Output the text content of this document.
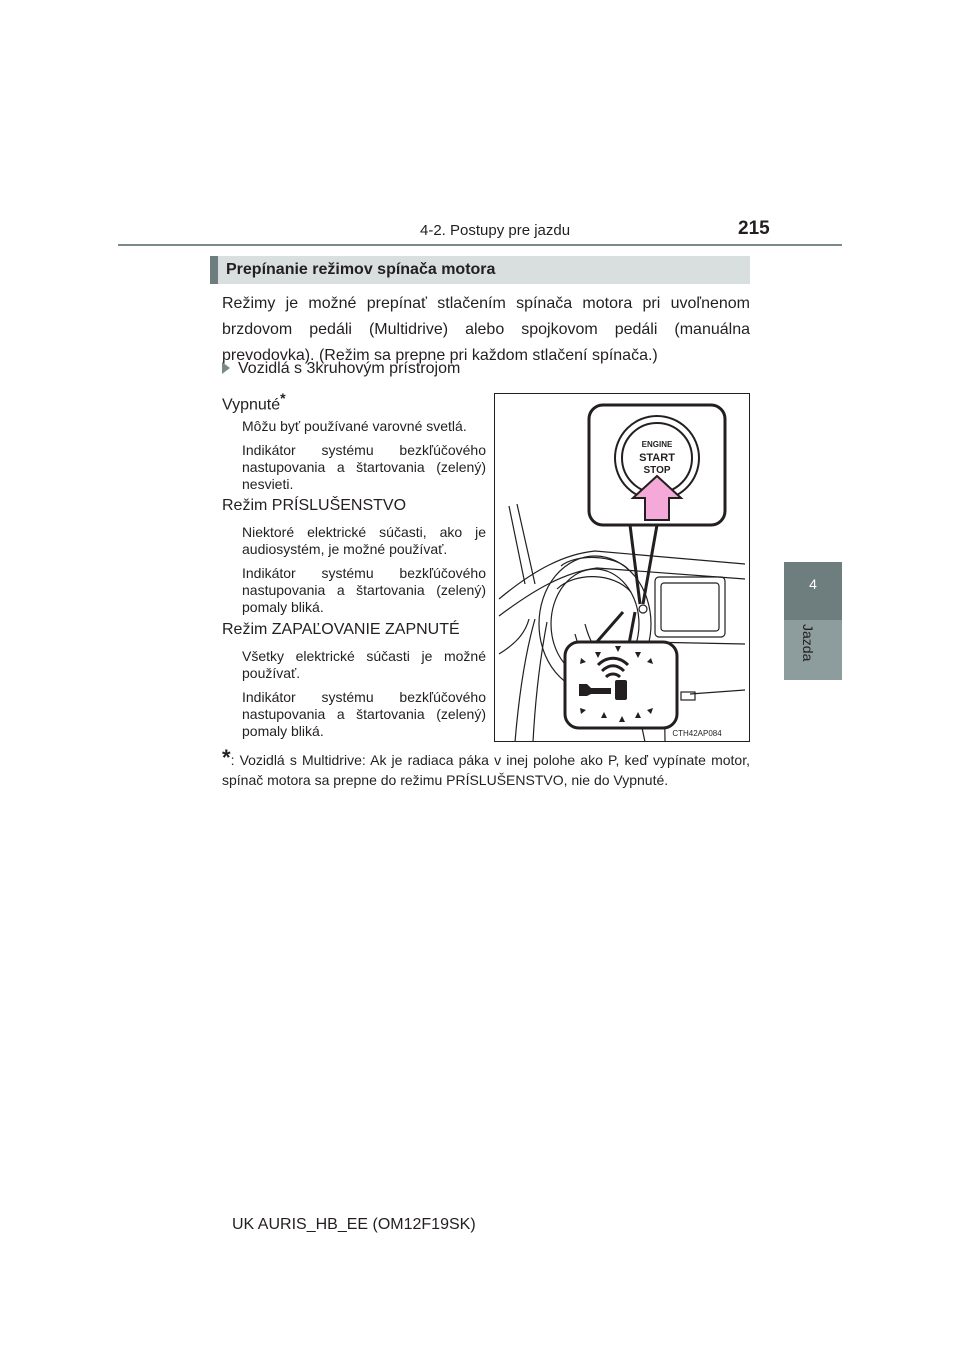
4-2. Postupy pre jazdu	215
4
Jazda
Prepínanie režimov spínača motora
Režimy je možné prepínať stlačením spínača motora pri uvoľnenom brzdovom pedáli (Multidrive) alebo spojkovom pedáli (manuálna prevodovka). (Režim sa prepne pri každom stlačení spínača.)
Vozidlá s 3kruhovým prístrojom
Vypnuté*
Môžu byť používané varovné svetlá.
Indikátor systému bezkľúčového nastupovania a štartovania (zelený) nesvieti.
Režim PRÍSLUŠENSTVO
Niektoré elektrické súčasti, ako je audiosystém, je možné používať.
Indikátor systému bezkľúčového nastupovania a štartovania (zelený) pomaly bliká.
Režim ZAPAĽOVANIE ZAPNUTÉ
Všetky elektrické súčasti je možné používať.
Indikátor systému bezkľúčového nastupovania a štartovania (zelený) pomaly bliká.
ENGINE
START
STOP
CTH42AP084
*: Vozidlá s Multidrive: Ak je radiaca páka v inej polohe ako P, keď vypínate motor, spínač motora sa prepne do režimu PRÍSLUŠENSTVO, nie do Vypnuté.
UK AURIS_HB_EE (OM12F19SK)
